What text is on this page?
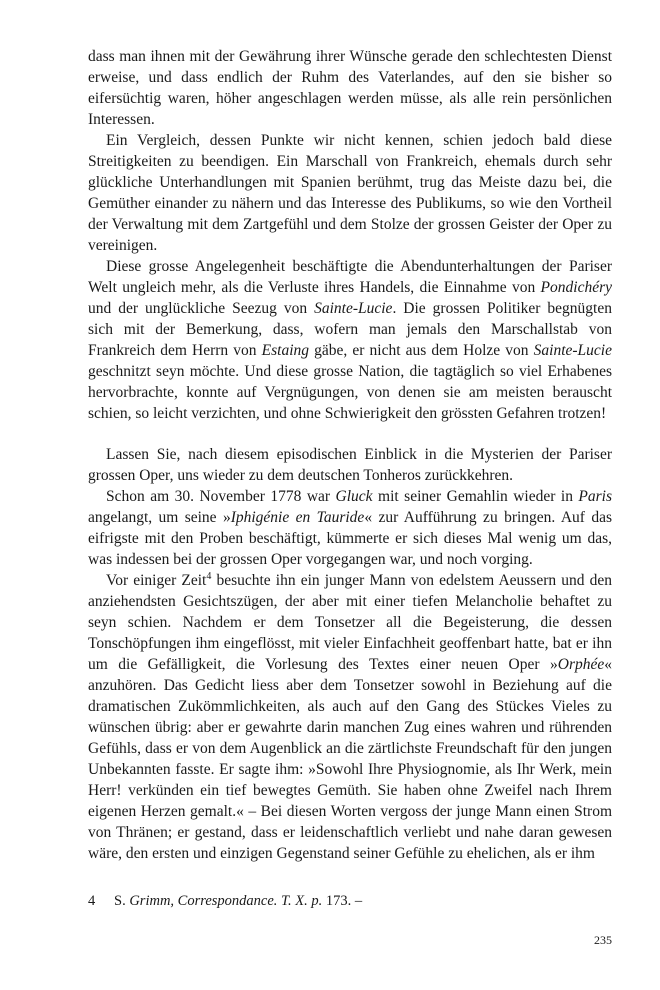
dass man ihnen mit der Gewährung ihrer Wünsche gerade den schlechtesten Dienst erweise, und dass endlich der Ruhm des Vaterlandes, auf den sie bisher so eifersüchtig waren, höher angeschlagen werden müsse, als alle rein persönlichen Interessen.

Ein Vergleich, dessen Punkte wir nicht kennen, schien jedoch bald diese Streitigkeiten zu beendigen. Ein Marschall von Frankreich, ehemals durch sehr glückliche Unterhandlungen mit Spanien berühmt, trug das Meiste dazu bei, die Gemüther einander zu nähern und das Interesse des Publikums, so wie den Vortheil der Verwaltung mit dem Zartgefühl und dem Stolze der grossen Geister der Oper zu vereinigen.

Diese grosse Angelegenheit beschäftigte die Abendunterhaltungen der Pariser Welt ungleich mehr, als die Verluste ihres Handels, die Einnahme von Pondichéry und der unglückliche Seezug von Sainte-Lucie. Die grossen Politiker begnügten sich mit der Bemerkung, dass, wofern man jemals den Marschallstab von Frankreich dem Herrn von Estaing gäbe, er nicht aus dem Holze von Sainte-Lucie geschnitzt seyn möchte. Und diese grosse Nation, die tagtäglich so viel Erhabenes hervorbrachte, konnte auf Vergnügungen, von denen sie am meisten berauscht schien, so leicht verzichten, und ohne Schwierigkeit den grössten Gefahren trotzen!

Lassen Sie, nach diesem episodischen Einblick in die Mysterien der Pariser grossen Oper, uns wieder zu dem deutschen Tonheros zurückkehren.

Schon am 30. November 1778 war Gluck mit seiner Gemahlin wieder in Paris angelangt, um seine »Iphigénie en Tauride« zur Aufführung zu bringen. Auf das eifrigste mit den Proben beschäftigt, kümmerte er sich dieses Mal wenig um das, was indessen bei der grossen Oper vorgegangen war, und noch vorging.

Vor einiger Zeit$^4$ besuchte ihn ein junger Mann von edelstem Aeussern und den anziehendsten Gesichtszügen, der aber mit einer tiefen Melancholie behaftet zu seyn schien. Nachdem er dem Tonsetzer all die Begeisterung, die dessen Tonschöpfungen ihm eingeflösst, mit vieler Einfachheit geoffenbart hatte, bat er ihn um die Gefälligkeit, die Vorlesung des Textes einer neuen Oper »Orphée« anzuhören. Das Gedicht liess aber dem Tonsetzer sowohl in Beziehung auf die dramatischen Zukömmlichkeiten, als auch auf den Gang des Stückes Vieles zu wünschen übrig: aber er gewahrte darin manchen Zug eines wahren und rührenden Gefühls, dass er von dem Augenblick an die zärtlichste Freundschaft für den jungen Unbekannten fasste. Er sagte ihm: »Sowohl Ihre Physiognomie, als Ihr Werk, mein Herr! verkünden ein tief bewegtes Gemüth. Sie haben ohne Zweifel nach Ihrem eigenen Herzen gemalt.« – Bei diesen Worten vergoss der junge Mann einen Strom von Thränen; er gestand, dass er leidenschaftlich verliebt und nahe daran gewesen wäre, den ersten und einzigen Gegenstand seiner Gefühle zu ehelichen, als er ihm

4 S. Grimm, Correspondance. T. X. p. 173. –
235
